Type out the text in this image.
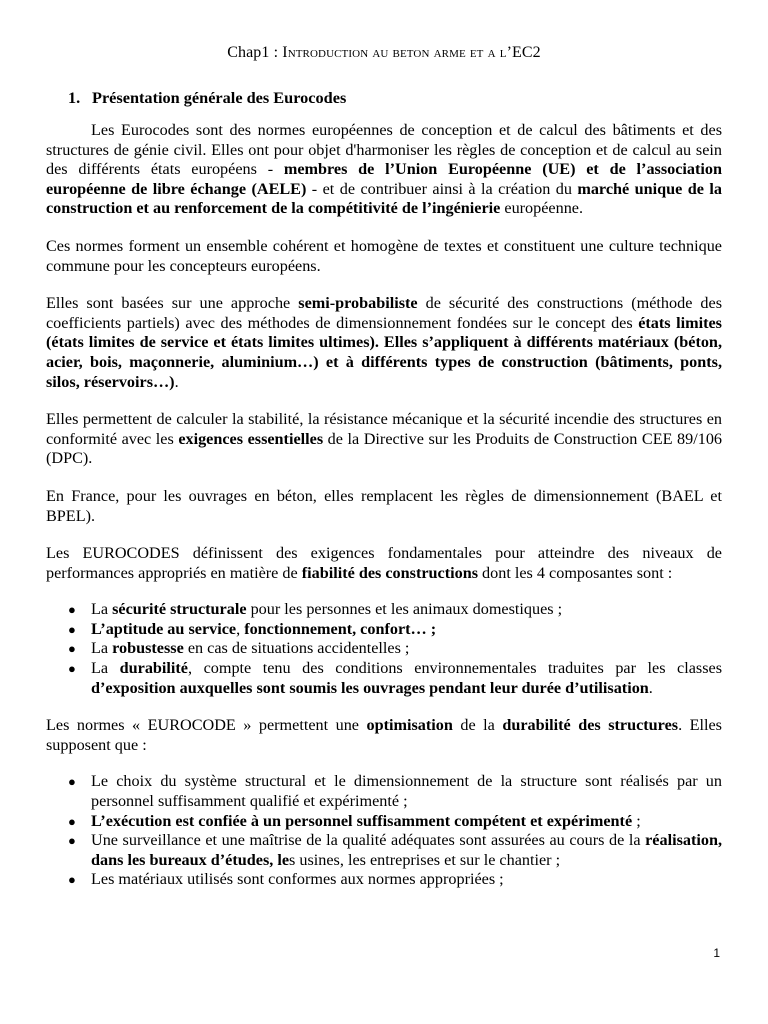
Chap1 : Introduction au beton arme et a l’EC2
1. Présentation générale des Eurocodes

Les Eurocodes sont des normes européennes de conception et de calcul des bâtiments et des structures de génie civil. Elles ont pour objet d'harmoniser les règles de conception et de calcul au sein des différents états européens - membres de l’Union Européenne (UE) et de l’association européenne de libre échange (AELE) - et de contribuer ainsi à la création du marché unique de la construction et au renforcement de la compétitivité de l’ingénierie européenne.

Ces normes forment un ensemble cohérent et homogène de textes et constituent une culture technique commune pour les concepteurs européens.

Elles sont basées sur une approche semi-probabiliste de sécurité des constructions (méthode des coefficients partiels) avec des méthodes de dimensionnement fondées sur le concept des états limites (états limites de service et états limites ultimes). Elles s’appliquent à différents matériaux (béton, acier, bois, maçonnerie, aluminium…) et à différents types de construction (bâtiments, ponts, silos, réservoirs…).

Elles permettent de calculer la stabilité, la résistance mécanique et la sécurité incendie des structures en conformité avec les exigences essentielles de la Directive sur les Produits de Construction CEE 89/106 (DPC).

En France, pour les ouvrages en béton, elles remplacent les règles de dimensionnement (BAEL et BPEL).

Les EUROCODES définissent des exigences fondamentales pour atteindre des niveaux de performances appropriés en matière de fiabilité des constructions dont les 4 composantes sont :

● La sécurité structurale pour les personnes et les animaux domestiques ;
● L’aptitude au service, fonctionnement, confort… ;
● La robustesse en cas de situations accidentelles ;
● La durabilité, compte tenu des conditions environnementales traduites par les classes d’exposition auxquelles sont soumis les ouvrages pendant leur durée d’utilisation.

Les normes « EUROCODE » permettent une optimisation de la durabilité des structures. Elles supposent que :

● Le choix du système structural et le dimensionnement de la structure sont réalisés par un personnel suffisamment qualifié et expérimenté ;
● L’exécution est confiée à un personnel suffisamment compétent et expérimenté ;
● Une surveillance et une maîtrise de la qualité adéquates sont assurées au cours de la réalisation, dans les bureaux d’études, les usines, les entreprises et sur le chantier ;
● Les matériaux utilisés sont conformes aux normes appropriées ;
1
